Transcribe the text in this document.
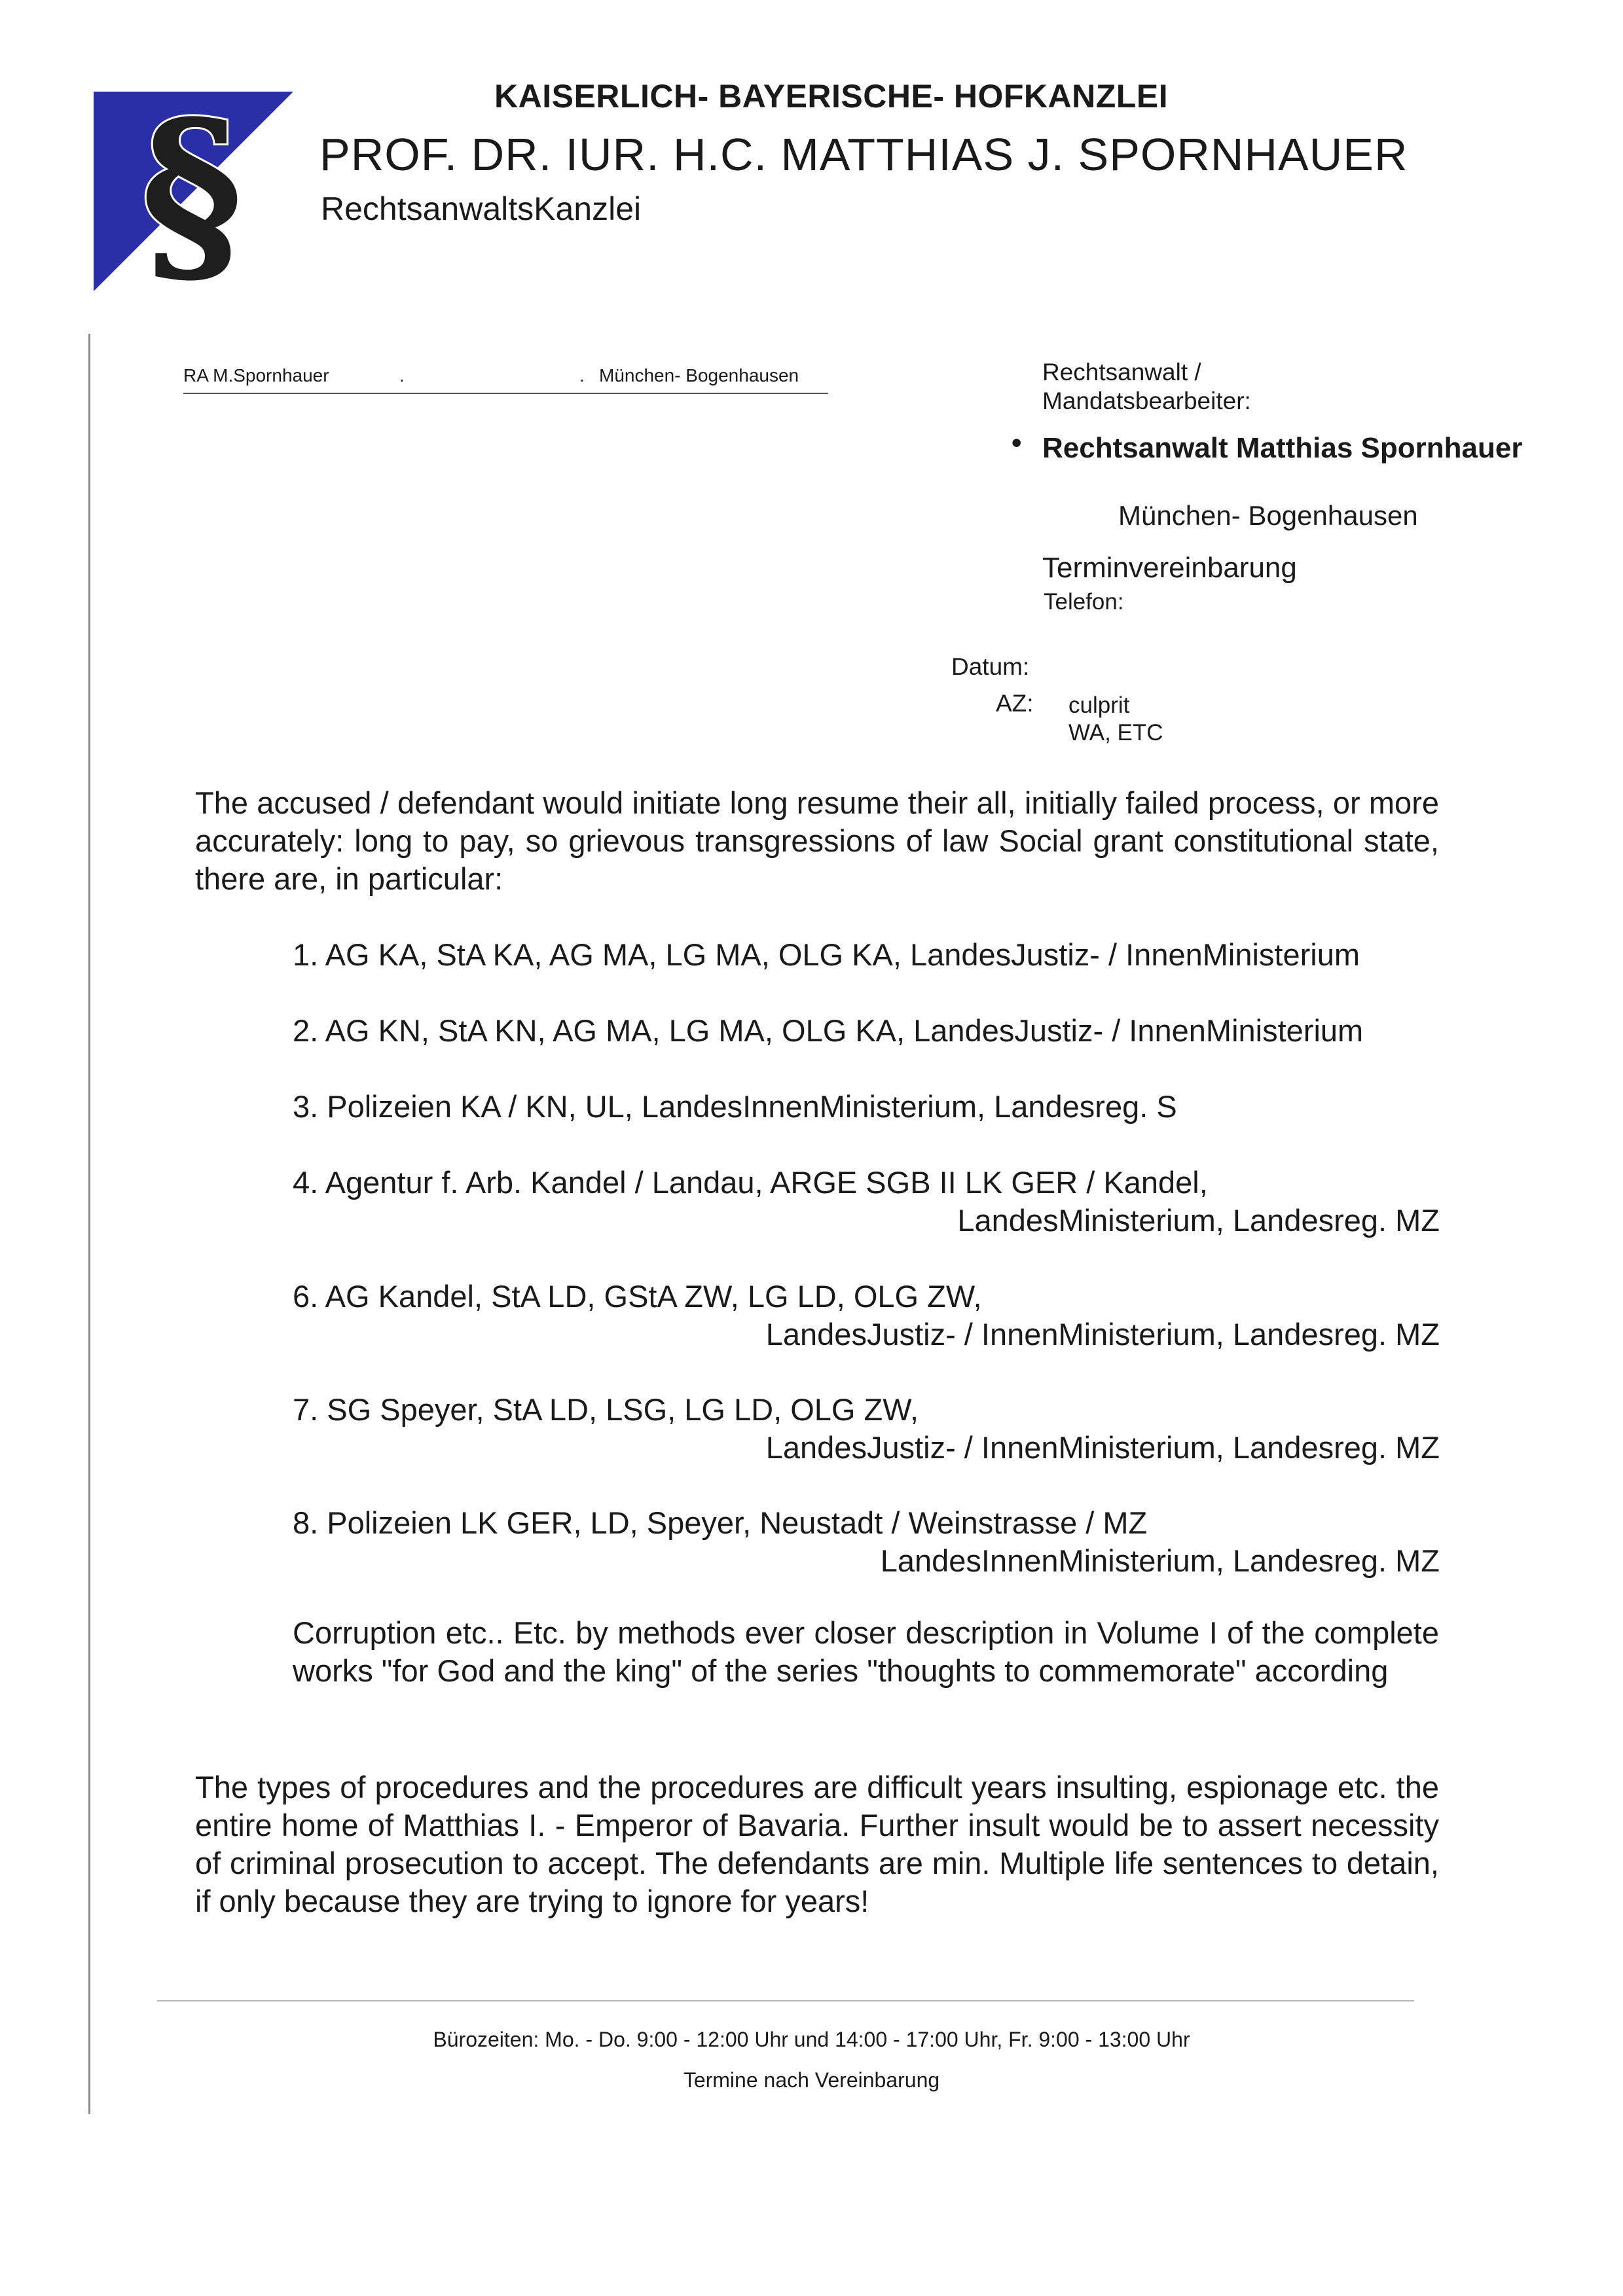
§	KAISERLICH- BAYERISCHE- HOFKANZLEI
PROF. DR. IUR. H.C. MATTHIAS J. SPORNHAUER
RechtsanwaltsKanzlei
RA M.Spornhauer	.	. München- Bogenhausen	Rechtsanwalt /
Mandatsbearbeiter:
• Rechtsanwalt Matthias Spornhauer
München- Bogenhausen
Terminvereinbarung
Telefon:
Datum:
AZ: culprit
WA, ETC
The accused / defendant would initiate long resume their all, initially failed process, or more accurately: long to pay, so grievous transgressions of law Social grant constitutional state, there are, in particular:
1. AG KA, StA KA, AG MA, LG MA, OLG KA, LandesJustiz- / InnenMinisterium
2. AG KN, StA KN, AG MA, LG MA, OLG KA, LandesJustiz- / InnenMinisterium
3. Polizeien KA / KN, UL, LandesInnenMinisterium, Landesreg. S
4. Agentur f. Arb. Kandel / Landau, ARGE SGB II LK GER / Kandel,
LandesMinisterium, Landesreg. MZ
6. AG Kandel, StA LD, GStA ZW, LG LD, OLG ZW,
LandesJustiz- / InnenMinisterium, Landesreg. MZ
7. SG Speyer, StA LD, LSG, LG LD, OLG ZW,
LandesJustiz- / InnenMinisterium, Landesreg. MZ
8. Polizeien LK GER, LD, Speyer, Neustadt / Weinstrasse / MZ
LandesInnenMinisterium, Landesreg. MZ
Corruption etc.. Etc. by methods ever closer description in Volume I of the complete works "for God and the king" of the series "thoughts to commemorate" according
The types of procedures and the procedures are difficult years insulting, espionage etc. the entire home of Matthias I. - Emperor of Bavaria. Further insult would be to assert necessity of criminal prosecution to accept. The defendants are min. Multiple life sentences to detain, if only because they are trying to ignore for years!
Bürozeiten: Mo. - Do. 9:00 - 12:00 Uhr und 14:00 - 17:00 Uhr, Fr. 9:00 - 13:00 Uhr
Termine nach Vereinbarung
